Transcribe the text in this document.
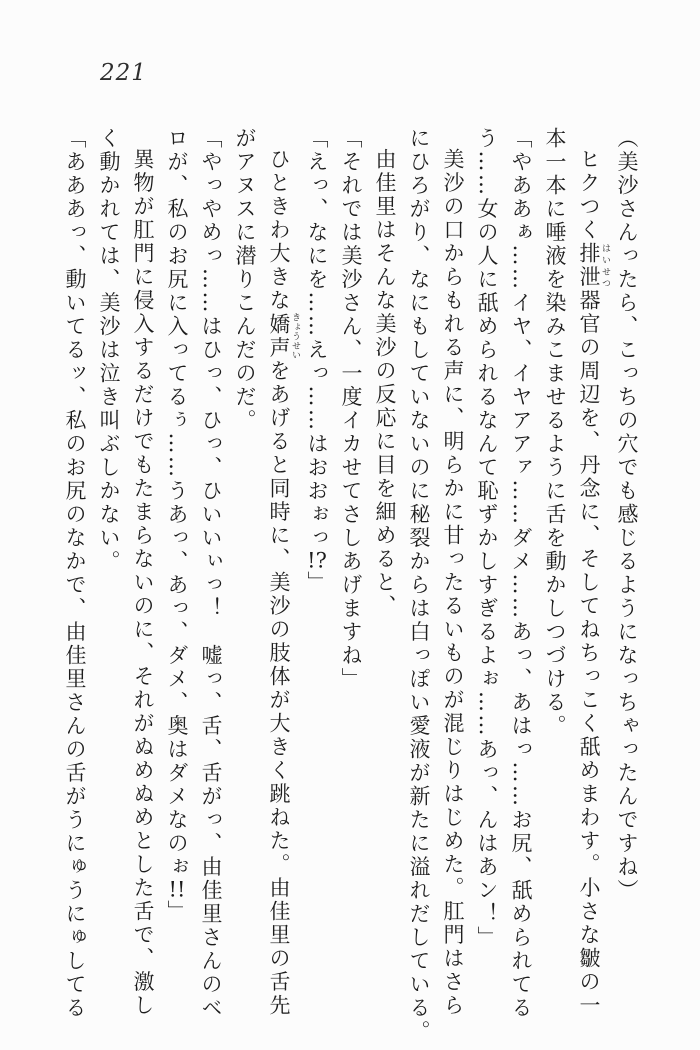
221

（美沙さんったら、こっちの穴でも感じるようになっちゃったんですね）

ヒクつく排泄 はいせつ器官の周辺を、丹念に、そしてねちっこく舐めまわす。小さな皺の一

本一本に唾液を染みこませるように舌を動かしつづける。

「やああぁ……イヤ、イヤアアァ……ダメ……あっ、あはっ……お尻、舐められてる

う……女の人に舐められるなんて恥ずかしすぎるよぉ……あっ、んはあン！」

美沙の口からもれる声に、明らかに甘ったるいものが混じりはじめた。肛門はさら

にひろがり、なにもしていないのに秘裂からは白っぽい愛液が新たに溢れだしている。

由佳里はそんな美沙の反応に目を細めると、

「それでは美沙さん、一度イカせてさしあげますね」

「えっ、なにを……えっ……はおおぉっ!?」

ひときわ大きな嬌声 きょうせいをあげると同時に、美沙の肢体が大きく跳ねた。由佳里の舌先

がアヌスに潜りこんだのだ。

「やっやめっ……はひっ、ひっ、ひいいぃっ！　嘘っ、舌、舌がっ、由佳里さんのベ

ロが、私のお尻に入ってるぅ……うあっ、あっ、ダメ、奥はダメなのぉ!!」

異物が肛門に侵入するだけでもたまらないのに、それがぬめぬめとした舌で、激し

く動かれては、美沙は泣き叫ぶしかない。

「あああっ、動いてるッ、私のお尻のなかで、由佳里さんの舌がうにゅうにゅしてる
